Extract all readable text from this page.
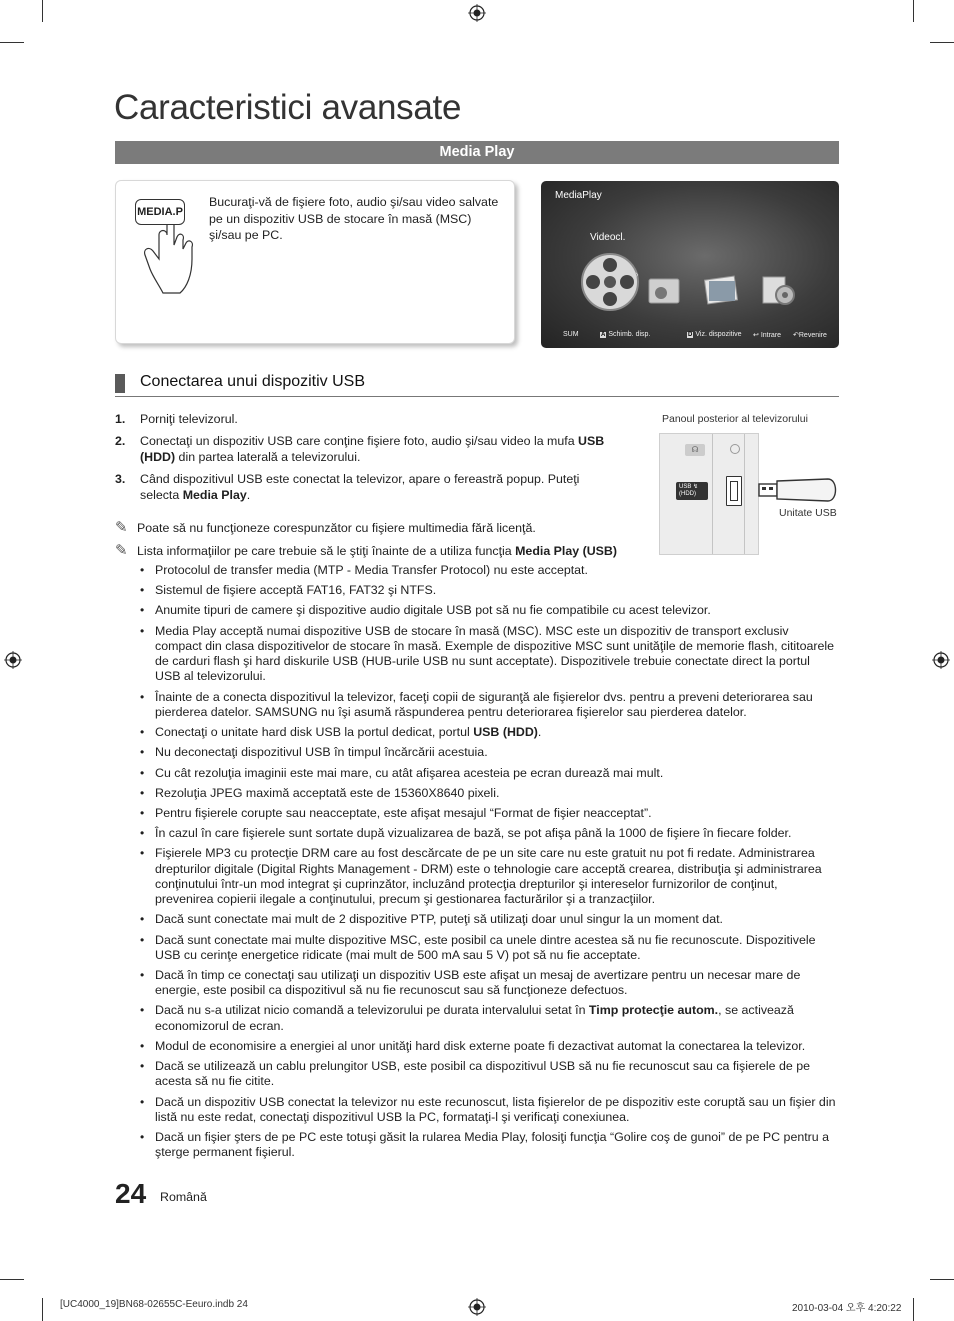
Caracteristici avansate
Media Play
MEDIA.P
Bucuraţi-vă de fişiere foto, audio şi/sau video salvate pe un dispozitiv USB de stocare în masă (MSC) şi/sau pe PC.
MediaPlay
Videocl.
›
SUM	A Schimb. disp.	D Viz. dispozitive ↩ Intrare ↶Revenire
Conectarea unui dispozitiv USB
1. Porniţi televizorul.
2. Conectaţi un dispozitiv USB care conţine fişiere foto, audio şi/sau video la mufa USB (HDD) din partea laterală a televizorului.
3. Când dispozitivul USB este conectat la televizor, apare o fereastră popup. Puteţi selecta Media Play.
✎ Poate să nu funcţioneze corespunzător cu fişiere multimedia fără licenţă.
✎ Lista informaţiilor pe care trebuie să le ştiţi înainte de a utiliza funcţia Media Play (USB)
• Protocolul de transfer media (MTP - Media Transfer Protocol) nu este acceptat.
• Sistemul de fişiere acceptă FAT16, FAT32 şi NTFS.
• Anumite tipuri de camere şi dispozitive audio digitale USB pot să nu fie compatibile cu acest televizor.
• Media Play acceptă numai dispozitive USB de stocare în masă (MSC). MSC este un dispozitiv de transport exclusiv compact din clasa dispozitivelor de stocare în masă. Exemple de dispozitive MSC sunt unităţile de memorie flash, cititoarele de carduri flash şi hard diskurile USB (HUB-urile USB nu sunt acceptate). Dispozitivele trebuie conectate direct la portul USB al televizorului.
• Înainte de a conecta dispozitivul la televizor, faceţi copii de siguranţă ale fişierelor dvs. pentru a preveni deteriorarea sau pierderea datelor. SAMSUNG nu îşi asumă răspunderea pentru deteriorarea fişierelor sau pierderea datelor.
• Conectaţi o unitate hard disk USB la portul dedicat, portul USB (HDD).
• Nu deconectaţi dispozitivul USB în timpul încărcării acestuia.
• Cu cât rezoluţia imaginii este mai mare, cu atât afişarea acesteia pe ecran durează mai mult.
• Rezoluţia JPEG maximă acceptată este de 15360X8640 pixeli.
• Pentru fişierele corupte sau neacceptate, este afişat mesajul “Format de fişier neacceptat”.
• În cazul în care fişierele sunt sortate după vizualizarea de bază, se pot afişa până la 1000 de fişiere în fiecare folder.
• Fişierele MP3 cu protecţie DRM care au fost descărcate de pe un site care nu este gratuit nu pot fi redate. Administrarea drepturilor digitale (Digital Rights Management - DRM) este o tehnologie care acceptă crearea, distribuţia şi administrarea conţinutului într-un mod integrat şi cuprinzător, incluzând protecţia drepturilor şi intereselor furnizorilor de conţinut, prevenirea copierii ilegale a conţinutului, precum şi gestionarea facturărilor şi a tranzacţiilor.
• Dacă sunt conectate mai mult de 2 dispozitive PTP, puteţi să utilizaţi doar unul singur la un moment dat.
• Dacă sunt conectate mai multe dispozitive MSC, este posibil ca unele dintre acestea să nu fie recunoscute. Dispozitivele USB cu cerinţe energetice ridicate (mai mult de 500 mA sau 5 V) pot să nu fie acceptate.
• Dacă în timp ce conectaţi sau utilizaţi un dispozitiv USB este afişat un mesaj de avertizare pentru un necesar mare de energie, este posibil ca dispozitivul să nu fie recunoscut sau să funcţioneze defectuos.
• Dacă nu s-a utilizat nicio comandă a televizorului pe durata intervalului setat în Timp protecţie autom., se activează economizorul de ecran.
• Modul de economisire a energiei al unor unităţi hard disk externe poate fi dezactivat automat la conectarea la televizor.
• Dacă se utilizează un cablu prelungitor USB, este posibil ca dispozitivul USB să nu fie recunoscut sau ca fişierele de pe acesta să nu fie citite.
• Dacă un dispozitiv USB conectat la televizor nu este recunoscut, lista fişierelor de pe dispozitiv este coruptă sau un fişier din listă nu este redat, conectaţi dispozitivul USB la PC, formataţi-l şi verificaţi conexiunea.
• Dacă un fişier şters de pe PC este totuşi găsit la rularea Media Play, folosiţi funcţia “Golire coş de gunoi” de pe PC pentru a şterge permanent fişierul.
Panoul posterior al televizorului
☊
USB ↯
(HDD)
Unitate USB
24 Română
[UC4000_19]BN68-02655C-Eeuro.indb 24	2010-03-04 오후 4:20:22
